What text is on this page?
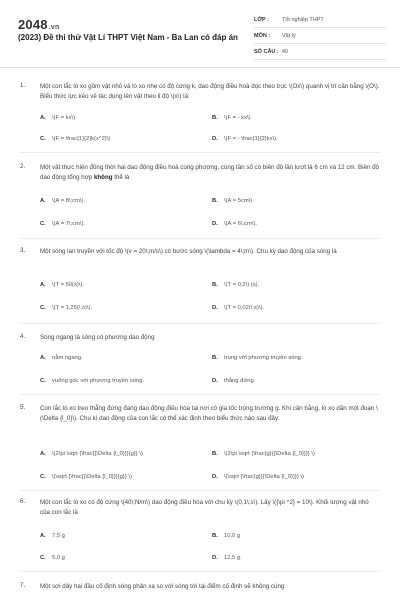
2048.vn
(2023) Đề thi thử Vật Lí THPT Việt Nam - Ba Lan có đáp án
LỚP :	Tốt nghiệp THPT
MÔN :	Vật lý
SỐ CÂU : 40
1. Một con lắc lò xo gồm vật nhỏ và lò xo nhẹ có độ cứng k, dao động điều hoà dọc theo trục \(Ox\) quanh vị trí cân bằng \(O\). Biểu thức lực kéo về tác dụng lên vật theo li độ \(x\) là:
A. \(F = kx\)	B. \(F = - kx\)
C. \(F = \frac{1}{2}k{x^2}\)	D. \(F = - \frac{1}{2}kx\).
2. Một vật thực hiện đồng thời hai dao động điều hoà cùng phương, cùng tần số có biên độ lần lượt là 6 cm và 12 cm. Biên độ dao động tổng hợp không thể là
A. \(A = 8\;cm\).	B. \(A = 5cm\)
C. \(A = 7\;cm\).	D. \(A = 6\;cm\).
3. Một sóng lan truyền với tốc độ \(v = 20\;m/s\) có bước sóng \(\lambda = 4\;m\). Chu kỳ dao động của sóng là
A. \(T = 50(s)\).	B. \(T = 0,2\) (s).
C. \(T = 1,25(\;s)\).	D. \(T = 0,02(\;s)\).
4. Sóng ngang là sóng có phương dao động
A. nằm ngang.	B. trùng với phương truyền sóng.
C. vuông góc với phương truyền sóng.	D. thẳng đứng.
5. Con lắc lò xo treo thẳng đứng đang dao động điều hòa tại nơi có gia tốc trọng trường g. Khi cân bằng, lò xo dãn một đoạn \(\Delta {l_0}\). Chu kì dao động của con lắc có thể xác định theo biểu thức nào sau đây:
A. \(2\pi \sqrt {\frac{{\Delta {l_0}}}{g}} \)	B. \(2\pi \sqrt {\frac{g}{{\Delta {l_0}}}} \)
C. \(\sqrt {\frac{{\Delta {l_0}}}{g}} \)	D. \(\sqrt {\frac{g}{{\Delta {l_0}}}} \)
6. Một con lắc lò xo có độ cứng \(40\;N/m\) dao động điều hòa với chu kỳ \(0,1\;s\). Lấy \({\pi ^2} = 10\). Khối lượng vật nhỏ của con lắc là
A. 7,5 g	B. 10,0 g
C. 5,0 g	D. 12,5 g.
7. Một sợi dây hai đầu cố định sóng phản xạ so với sóng tới tại điểm cố định sẽ không cùng
